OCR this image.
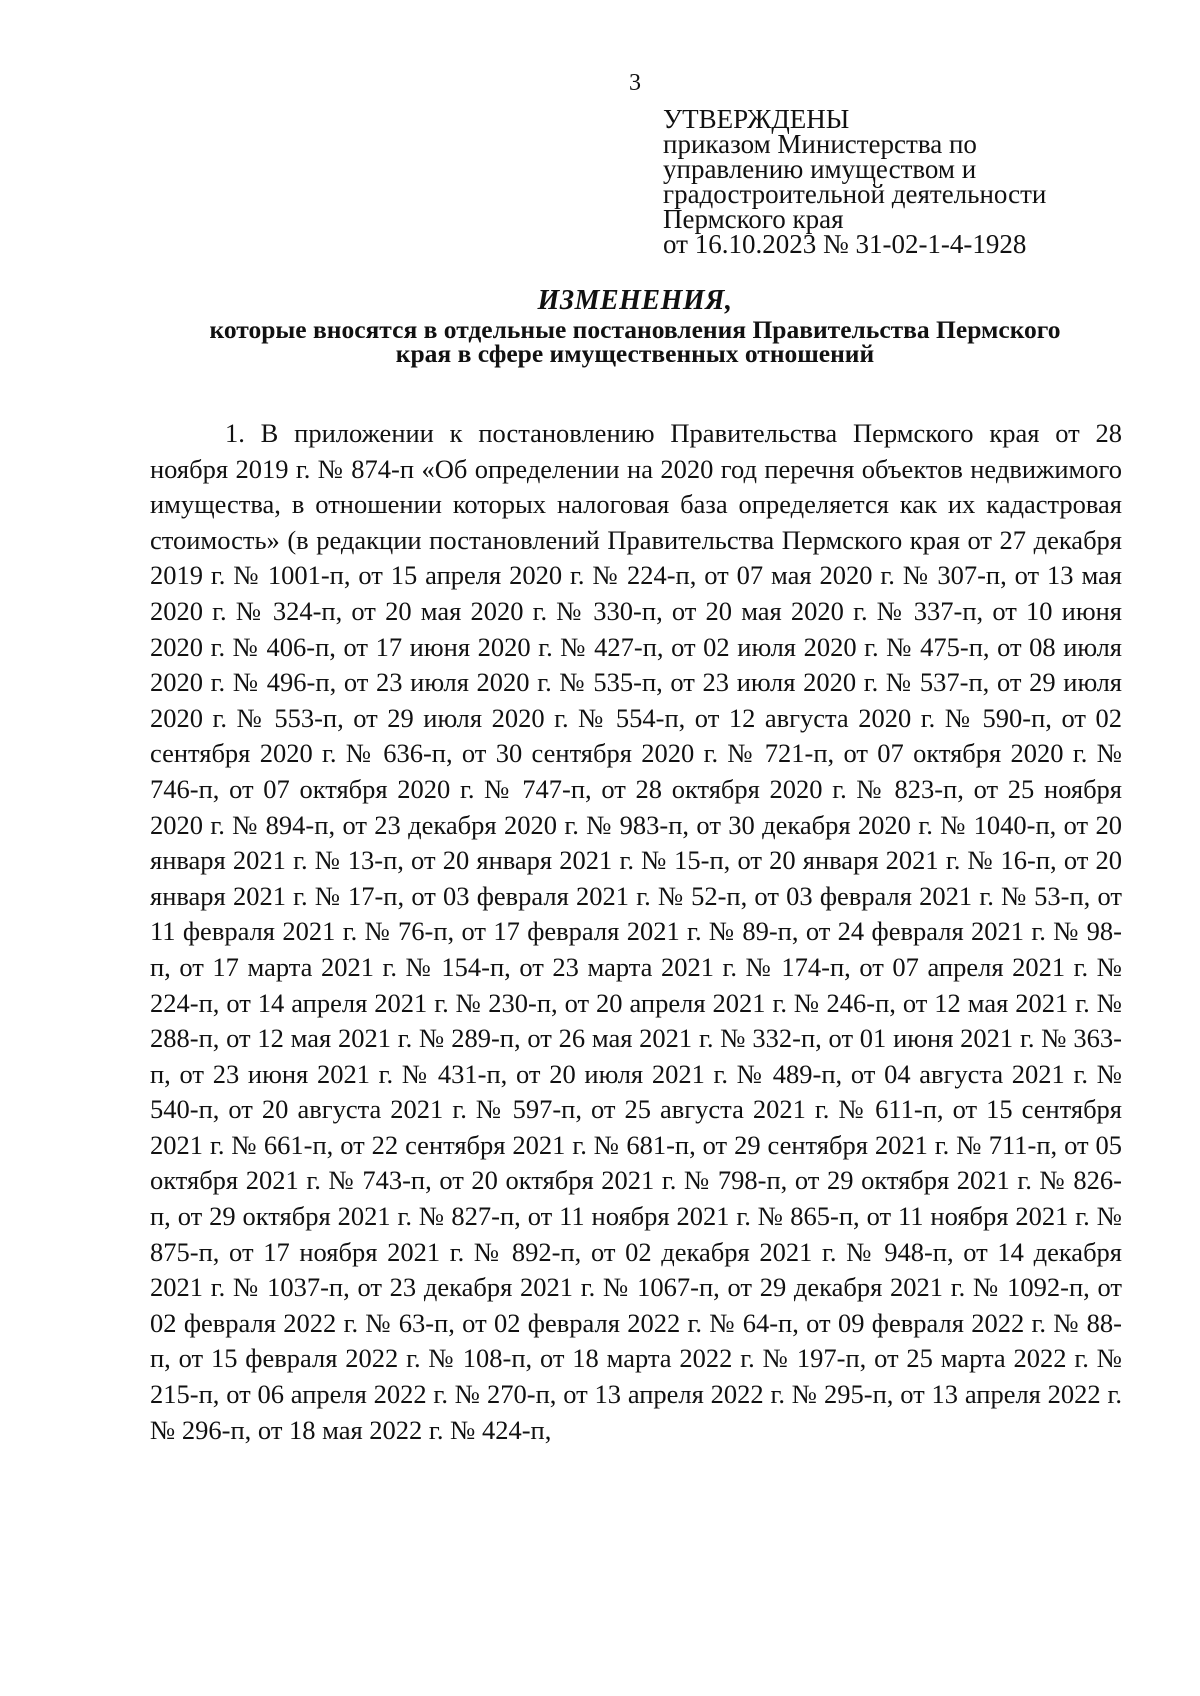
3
УТВЕРЖДЕНЫ
приказом Министерства по
управлению имуществом и
градостроительной деятельности
Пермского края
от 16.10.2023 № 31-02-1-4-1928
ИЗМЕНЕНИЯ,
которые вносятся в отдельные постановления Правительства Пермского
края в сфере имущественных отношений

1. В приложении к постановлению Правительства Пермского края от 28 ноября 2019 г. № 874-п «Об определении на 2020 год перечня объектов недвижимого имущества, в отношении которых налоговая база определяется как их кадастровая стоимость» (в редакции постановлений Правительства Пермского края от 27 декабря 2019 г. № 1001-п, от 15 апреля 2020 г. № 224-п, от 07 мая 2020 г. № 307-п, от 13 мая 2020 г. № 324-п, от 20 мая 2020 г. № 330-п, от 20 мая 2020 г. № 337-п, от 10 июня 2020 г. № 406-п, от 17 июня 2020 г. № 427-п, от 02 июля 2020 г. № 475-п, от 08 июля 2020 г. № 496-п, от 23 июля 2020 г. № 535-п, от 23 июля 2020 г. № 537-п, от 29 июля 2020 г. № 553-п, от 29 июля 2020 г. № 554-п, от 12 августа 2020 г. № 590-п, от 02 сентября 2020 г. № 636-п, от 30 сентября 2020 г. № 721-п, от 07 октября 2020 г. № 746-п, от 07 октября 2020 г. № 747-п, от 28 октября 2020 г. № 823-п, от 25 ноября 2020 г. № 894-п, от 23 декабря 2020 г. № 983-п, от 30 декабря 2020 г. № 1040-п, от 20 января 2021 г. № 13-п, от 20 января 2021 г. № 15-п, от 20 января 2021 г. № 16-п, от 20 января 2021 г. № 17-п, от 03 февраля 2021 г. № 52-п, от 03 февраля 2021 г. № 53-п, от 11 февраля 2021 г. № 76-п, от 17 февраля 2021 г. № 89-п, от 24 февраля 2021 г. № 98-п, от 17 марта 2021 г. № 154-п, от 23 марта 2021 г. № 174-п, от 07 апреля 2021 г. № 224-п, от 14 апреля 2021 г. № 230-п, от 20 апреля 2021 г. № 246-п, от 12 мая 2021 г. № 288-п, от 12 мая 2021 г. № 289-п, от 26 мая 2021 г. № 332-п, от 01 июня 2021 г. № 363-п, от 23 июня 2021 г. № 431-п, от 20 июля 2021 г. № 489-п, от 04 августа 2021 г. № 540-п, от 20 августа 2021 г. № 597-п, от 25 августа 2021 г. № 611-п, от 15 сентября 2021 г. № 661-п, от 22 сентября 2021 г. № 681-п, от 29 сентября 2021 г. № 711-п, от 05 октября 2021 г. № 743-п, от 20 октября 2021 г. № 798-п, от 29 октября 2021 г. № 826-п, от 29 октября 2021 г. № 827-п, от 11 ноября 2021 г. № 865-п, от 11 ноября 2021 г. № 875-п, от 17 ноября 2021 г. № 892-п, от 02 декабря 2021 г. № 948-п, от 14 декабря 2021 г. № 1037-п, от 23 декабря 2021 г. № 1067-п, от 29 декабря 2021 г. № 1092-п, от 02 февраля 2022 г. № 63-п, от 02 февраля 2022 г. № 64-п, от 09 февраля 2022 г. № 88-п, от 15 февраля 2022 г. № 108-п, от 18 марта 2022 г. № 197-п, от 25 марта 2022 г. № 215-п, от 06 апреля 2022 г. № 270-п, от 13 апреля 2022 г. № 295-п, от 13 апреля 2022 г. № 296-п, от 18 мая 2022 г. № 424-п,
